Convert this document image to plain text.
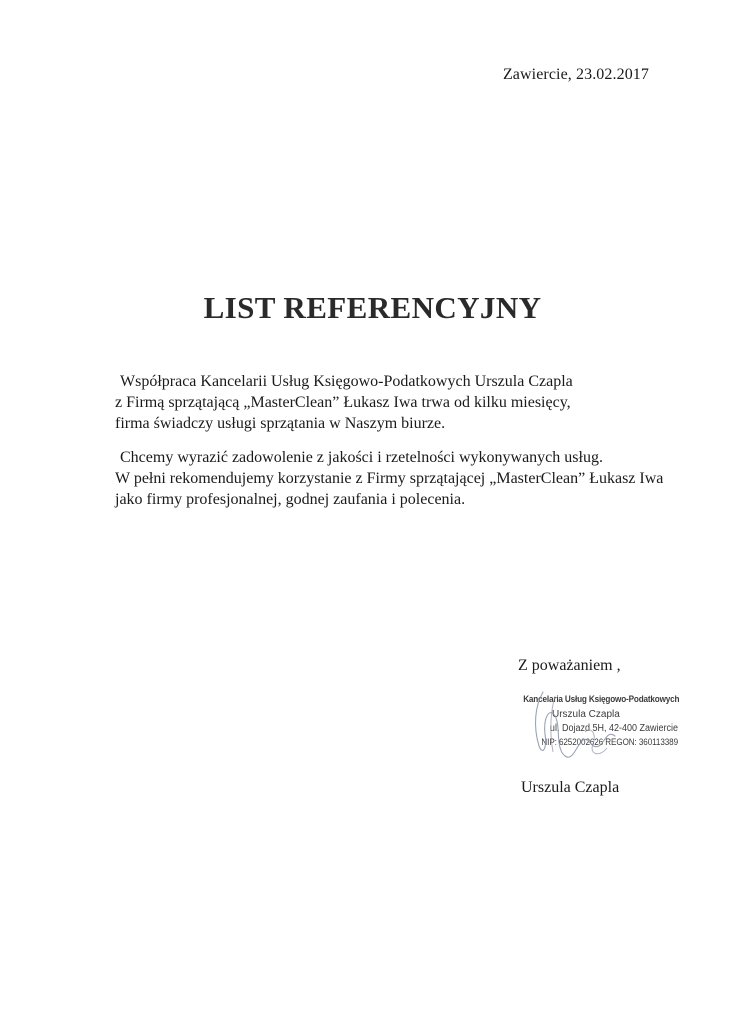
Zawiercie, 23.02.2017
LIST REFERENCYJNY

Współpraca Kancelarii Usług Księgowo-Podatkowych Urszula Czapla

z Firmą sprzątającą „MasterClean” Łukasz Iwa trwa od kilku miesięcy,

firma świadczy usługi sprzątania w Naszym biurze.

Chcemy wyrazić zadowolenie z jakości i rzetelności wykonywanych usług.

W pełni rekomendujemy korzystanie z Firmy sprzątającej „MasterClean” Łukasz Iwa

jako firmy profesjonalnej, godnej zaufania i polecenia.

Z poważaniem ,
Kancelaria Usług Księgowo-Podatkowych
Urszula Czapla
ul. Dojazd 5H, 42-400 Zawiercie
NIP: 6252002626 REGON: 360113389
Urszula Czapla
